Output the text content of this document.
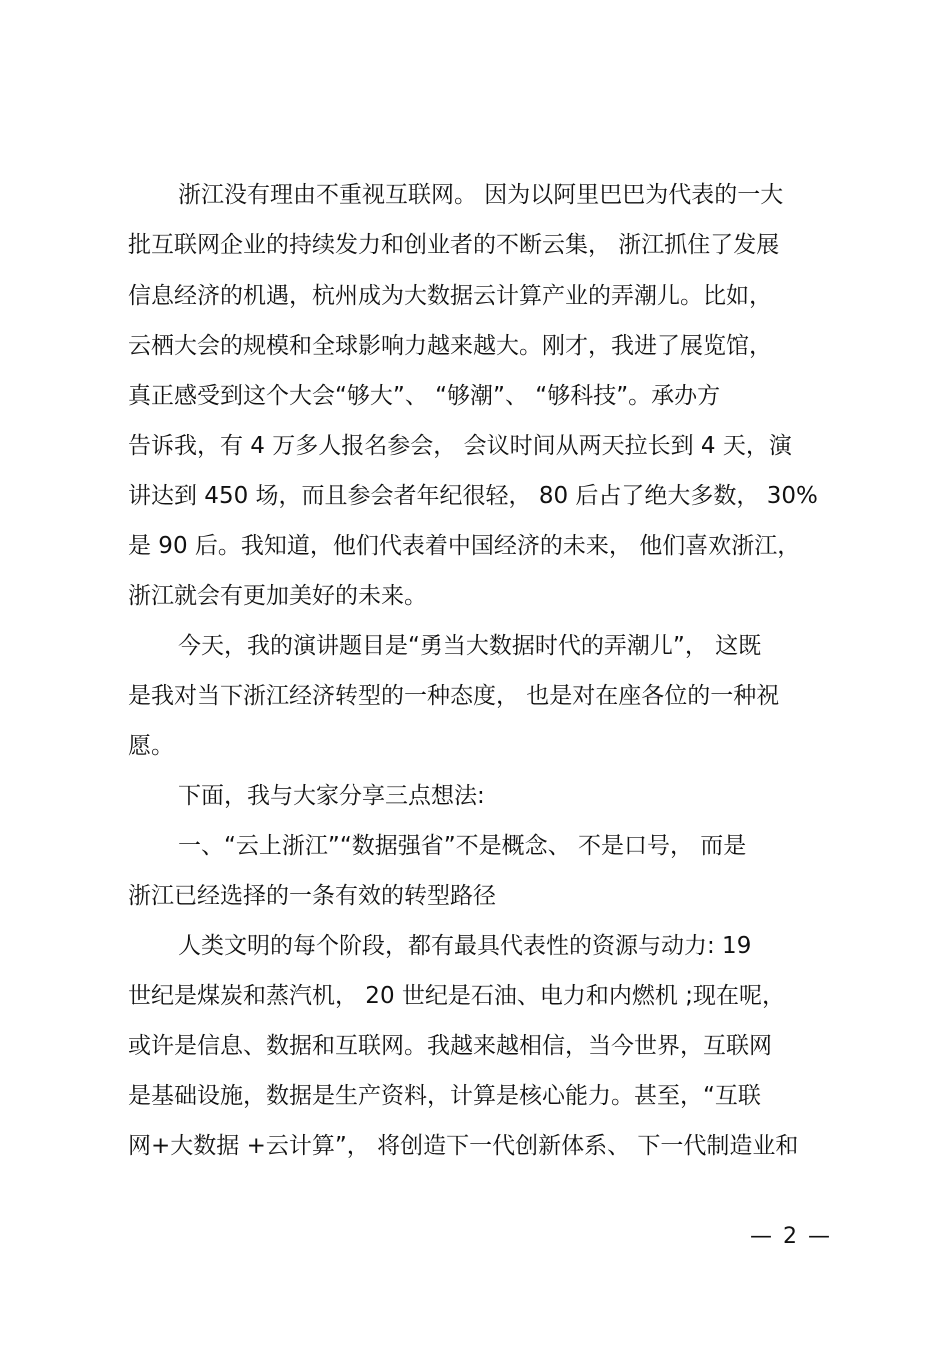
浙江没有理由不重视互联网。 因为以阿里巴巴为代表的一大
批互联网企业的持续发力和创业者的不断云集， 浙江抓住了发展
信息经济的机遇，杭州成为大数据云计算产业的弄潮儿。比如，
云栖大会的规模和全球影响力越来越大。刚才，我进了展览馆，
真正感受到这个大会“够大”、 “够潮”、 “够科技”。承办方
告诉我，有 4 万多人报名参会， 会议时间从两天拉长到 4 天，演
讲达到 450 场，而且参会者年纪很轻， 80 后占了绝大多数， 30%
是 90 后。我知道，他们代表着中国经济的未来， 他们喜欢浙江，
浙江就会有更加美好的未来。
今天，我的演讲题目是“勇当大数据时代的弄潮儿”， 这既
是我对当下浙江经济转型的一种态度， 也是对在座各位的一种祝
愿。
下面，我与大家分享三点想法:
一、“云上浙江”“数据强省”不是概念、 不是口号， 而是
浙江已经选择的一条有效的转型路径
人类文明的每个阶段，都有最具代表性的资源与动力: 19
世纪是煤炭和蒸汽机， 20 世纪是石油、电力和内燃机 ;现在呢，
或许是信息、数据和互联网。我越来越相信，当今世界，互联网
是基础设施，数据是生产资料，计算是核心能力。甚至，“互联
网+大数据 +云计算”， 将创造下一代创新体系、 下一代制造业和
— 2 —
